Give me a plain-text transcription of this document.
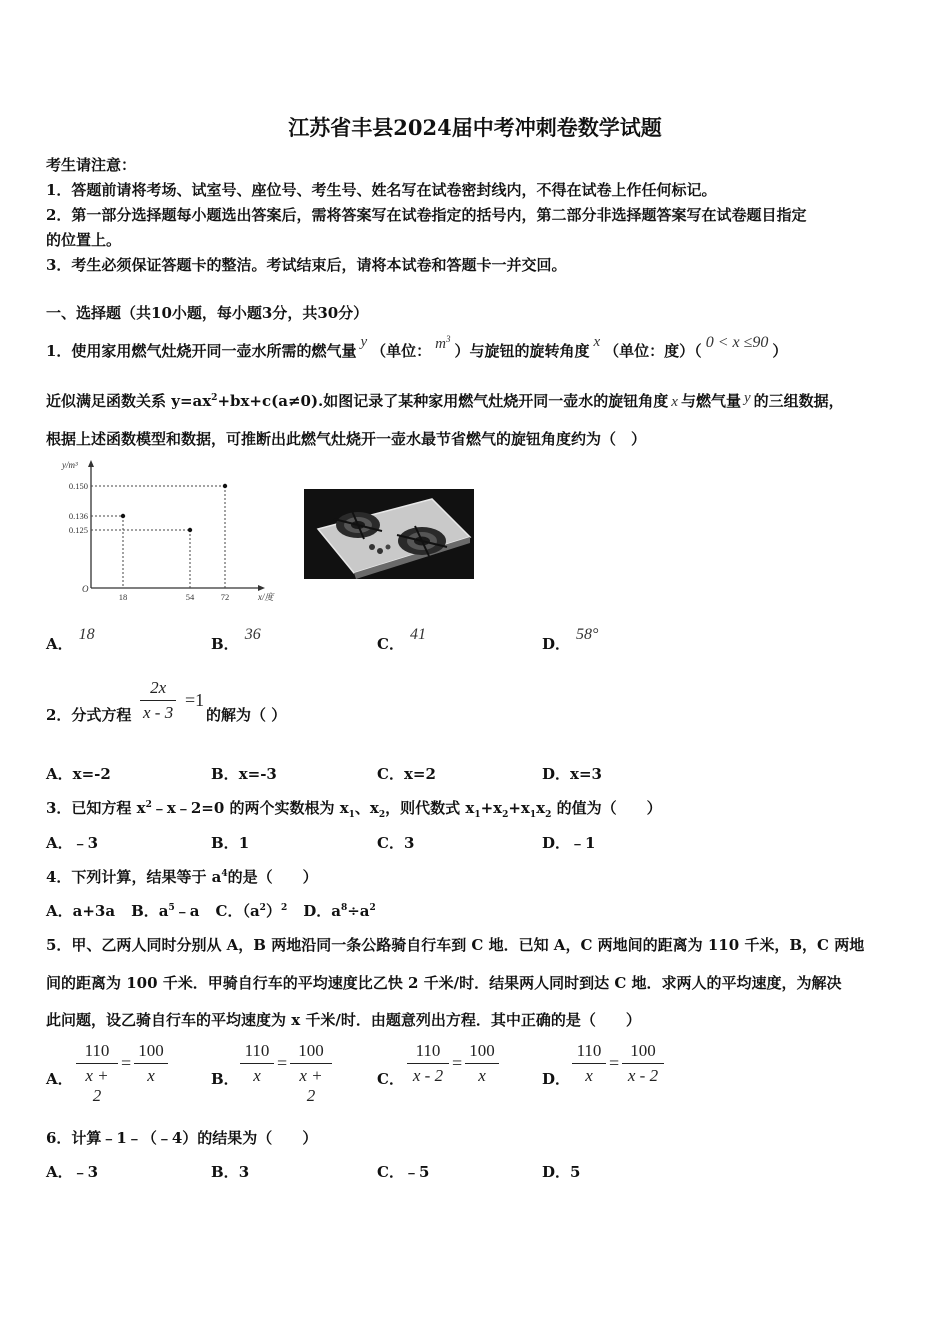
江苏省丰县2024届中考冲刺卷数学试题
考生请注意：
1．答题前请将考场、试室号、座位号、考生号、姓名写在试卷密封线内，不得在试卷上作任何标记。
2．第一部分选择题每小题选出答案后，需将答案写在试卷指定的括号内，第二部分非选择题答案写在试卷题目指定
的位置上。
3．考生必须保证答题卡的整洁。考试结束后，请将本试卷和答题卡一并交回。
一、选择题（共10小题，每小题3分，共30分）
1．使用家用燃气灶烧开同一壶水所需的燃气量 y （单位： $m^3$）与旋钮的旋转角度 x （单位：度）（ 0 < x ≤90 ）
近似满足函数关系 $y=ax^2+bx+c(a\ne 0)$.如图记录了某种家用燃气灶烧开同一壶水的旋钮角度 x 与燃气量 y 的三组数据，
根据上述函数模型和数据，可推断出此燃气灶烧开一壶水最节省燃气的旋钮角度约为（　）
y/m³
x/度
O
18	54	72
0.150
0.136
0.125
A．18
B．36
C．41
D．58°
2．分式方程
2x
x - 3
=1
的解为（ ）
A．x=-2	B．x=-3	C．x=2	D．x=3
3．已知方程 $x^2﹣x﹣2=0$ 的两个实数根为 $x_1$、$x_2$，则代数式 $x_1+x_2+x_1x_2$ 的值为（　　）
A．﹣3	B．1	C．3	D．﹣1
4．下列计算，结果等于 $a^4$的是（　　）
A．a+3a B．$a^5﹣a$ C．$(a^2)^2$ D．$a^8\div a^2$
5．甲、乙两人同时分别从 A，B 两地沿同一条公路骑自行车到 C 地．已知 A，C 两地间的距离为 110 千米，B，C 两地
间的距离为 100 千米．甲骑自行车的平均速度比乙快 2 千米/时．结果两人同时到达 C 地．求两人的平均速度，为解决
此问题，设乙骑自行车的平均速度为 x 千米/时．由题意列出方程．其中正确的是（　　）
A．
110
x + 2
=
100
x	B．
110
x
=
100
x + 2
C．
110
x - 2
=
100
x	D．
110
x
=
100
x - 2
6．计算﹣1﹣（﹣4）的结果为（　　）
A．﹣3	B．3	C．﹣5	D．5
